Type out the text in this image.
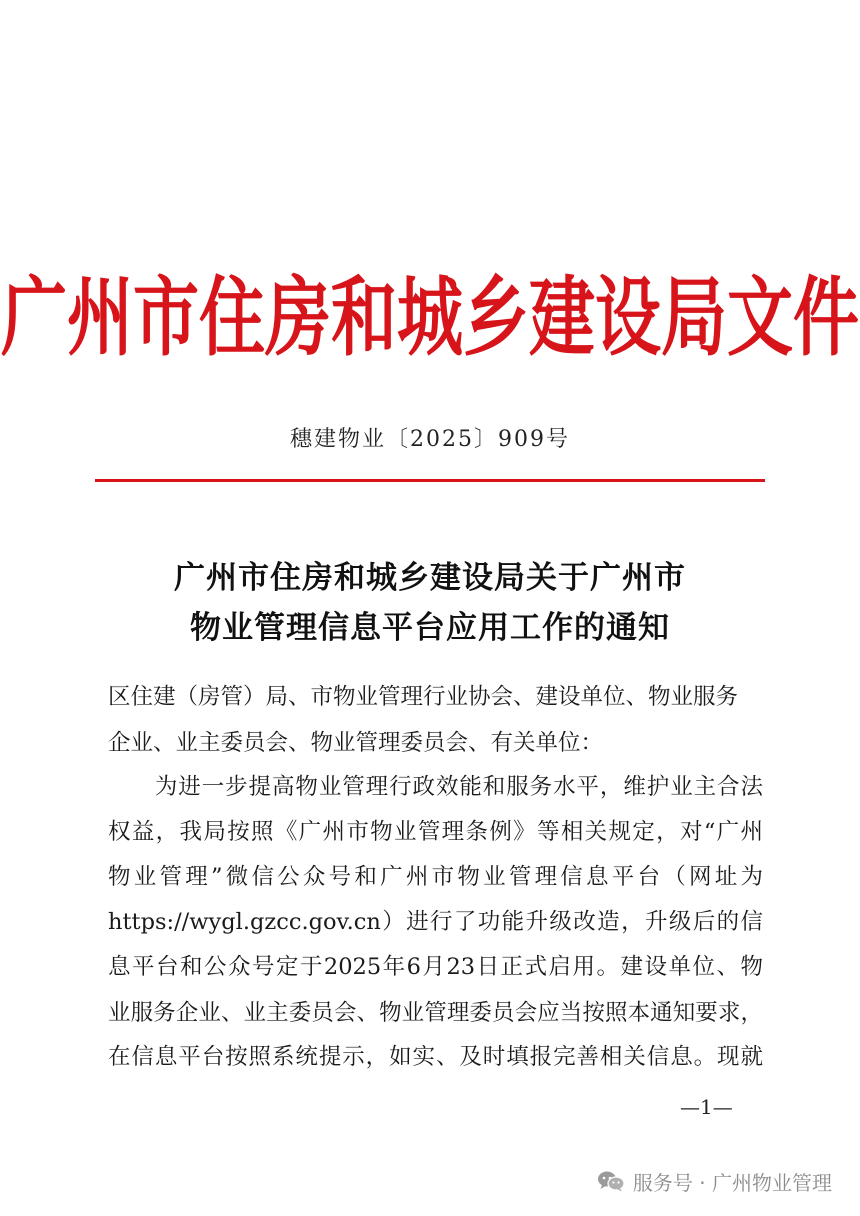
广州市住房和城乡建设局文件
穗建物业〔2025〕909号
广州市住房和城乡建设局关于广州市
物业管理信息平台应用工作的通知
区住建（房管）局、市物业管理行业协会、建设单位、物业服务
企业、业主委员会、物业管理委员会、有关单位：
　　为进一步提高物业管理行政效能和服务水平，维护业主合法
权益，我局按照《广州市物业管理条例》等相关规定，对“广州
物业管理”微信公众号和广州市物业管理信息平台（网址为
https://wygl.gzcc.gov.cn）进行了功能升级改造，升级后的信
息平台和公众号定于2025年6月23日正式启用。建设单位、物
业服务企业、业主委员会、物业管理委员会应当按照本通知要求，
在信息平台按照系统提示，如实、及时填报完善相关信息。现就
—1—
服务号 · 广州物业管理
